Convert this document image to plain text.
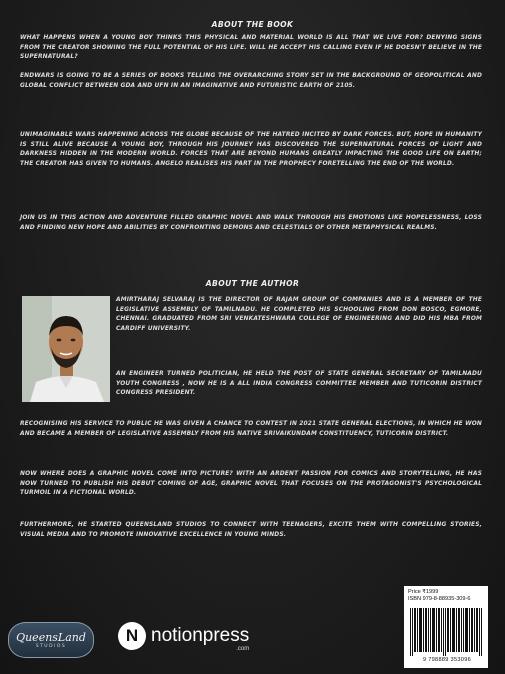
ABOUT THE BOOK
WHAT HAPPENS WHEN A YOUNG BOY THINKS THIS PHYSICAL AND MATERIAL WORLD IS ALL THAT WE LIVE FOR? DENYING SIGNS FROM THE CREATOR SHOWING THE FULL POTENTIAL OF HIS LIFE. WILL HE ACCEPT HIS CALLING EVEN IF HE DOESN'T BELIEVE IN THE SUPERNATURAL?
ENDWARS IS GOING TO BE A SERIES OF BOOKS TELLING THE OVERARCHING STORY SET IN THE BACKGROUND OF GEOPOLITICAL AND GLOBAL CONFLICT BETWEEN GDA AND UFN IN AN IMAGINATIVE AND FUTURISTIC EARTH OF 2105.
UNIMAGINABLE WARS HAPPENING ACROSS THE GLOBE BECAUSE OF THE HATRED INCITED BY DARK FORCES. BUT, HOPE IN HUMANITY IS STILL ALIVE BECAUSE A YOUNG BOY, THROUGH HIS JOURNEY HAS DISCOVERED THE SUPERNATURAL FORCES OF LIGHT AND DARKNESS HIDDEN IN THE MODERN WORLD. FORCES THAT ARE BEYOND HUMANS GREATLY IMPACTING THE GOOD LIFE ON EARTH; THE CREATOR HAS GIVEN TO HUMANS. ANGELO REALISES HIS PART IN THE PROPHECY FORETELLING THE END OF THE WORLD.
JOIN US IN THIS ACTION AND ADVENTURE FILLED GRAPHIC NOVEL AND WALK THROUGH HIS EMOTIONS LIKE HOPELESSNESS, LOSS AND FINDING NEW HOPE AND ABILITIES BY CONFRONTING DEMONS AND CELESTIALS OF OTHER METAPHYSICAL REALMS.
ABOUT THE AUTHOR
AMIRTHARAJ SELVARAJ IS THE DIRECTOR OF RAJAM GROUP OF COMPANIES AND IS A MEMBER OF THE LEGISLATIVE ASSEMBLY OF TAMILNADU. HE COMPLETED HIS SCHOOLING FROM DON BOSCO, EGMORE, CHENNAI. GRADUATED FROM SRI VENKATESHWARA COLLEGE OF ENGINEERING AND DID HIS MBA FROM CARDIFF UNIVERSITY.
AN ENGINEER TURNED POLITICIAN, HE HELD THE POST OF STATE GENERAL SECRETARY OF TAMILNADU YOUTH CONGRESS , NOW HE IS A ALL INDIA CONGRESS COMMITTEE MEMBER AND TUTICORIN DISTRICT CONGRESS PRESIDENT.
RECOGNISING HIS SERVICE TO PUBLIC HE WAS GIVEN A CHANCE TO CONTEST IN 2021 STATE GENERAL ELECTIONS, IN WHICH HE WON AND BECAME A MEMBER OF LEGISLATIVE ASSEMBLY FROM HIS NATIVE SRIVAIKUNDAM CONSTITUENCY, TUTICORIN DISTRICT.
NOW WHERE DOES A GRAPHIC NOVEL COME INTO PICTURE? WITH AN ARDENT PASSION FOR COMICS AND STORYTELLING, HE HAS NOW TURNED TO PUBLISH HIS DEBUT COMING OF AGE, GRAPHIC NOVEL THAT FOCUSES ON THE PROTAGONIST'S PSYCHOLOGICAL TURMOIL IN A FICTIONAL WORLD.
FURTHERMORE, HE STARTED QUEENSLAND STUDIOS TO CONNECT WITH TEENAGERS, EXCITE THEM WITH COMPELLING STORIES, VISUAL MEDIA AND TO PROMOTE INNOVATIVE EXCELLENCE IN YOUNG MINDS.
Price ₹1999
ISBN 979-8-88935-309-6
9 798889 353096
QueensLand
STUDIOS
N notionpress
.com
